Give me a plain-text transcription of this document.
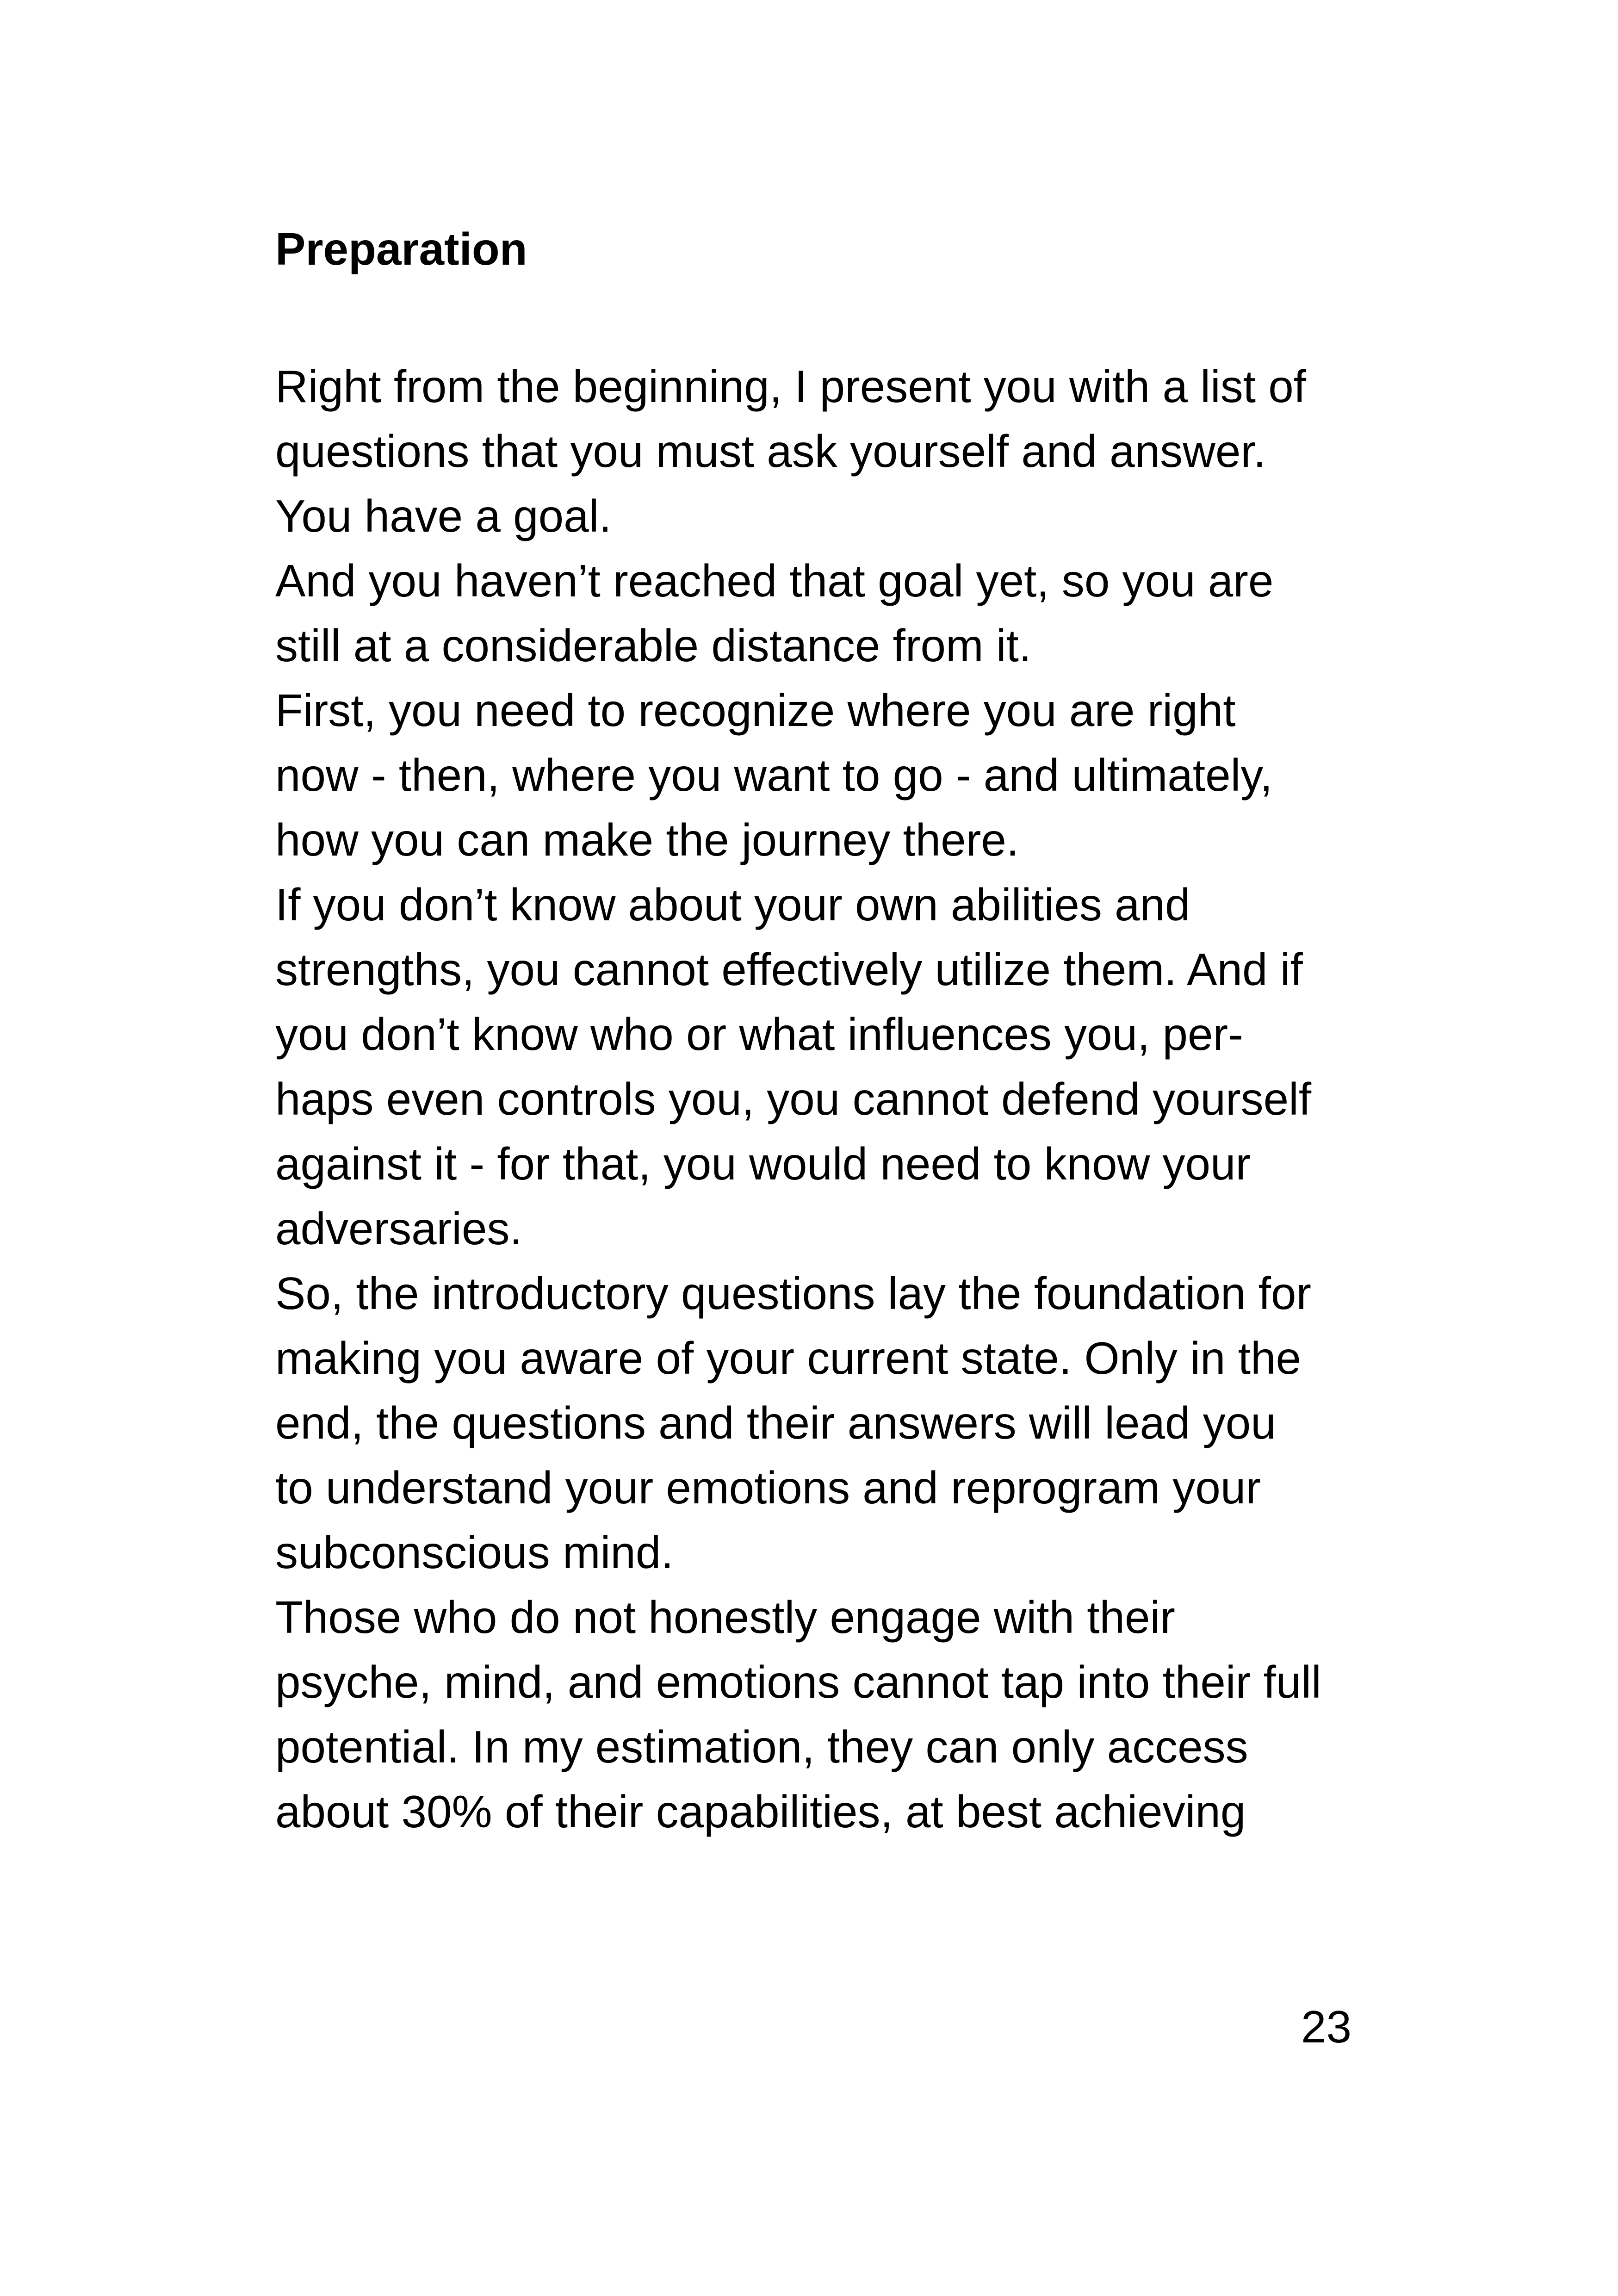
Preparation
Right from the beginning, I present you with a list of
questions that you must ask yourself and answer.
You have a goal.
And you haven’t reached that goal yet, so you are
still at a considerable distance from it.
First, you need to recognize where you are right
now - then, where you want to go - and ultimately,
how you can make the journey there.
If you don’t know about your own abilities and
strengths, you cannot effectively utilize them. And if
you don’t know who or what influences you, per-
haps even controls you, you cannot defend yourself
against it - for that, you would need to know your
adversaries.
So, the introductory questions lay the foundation for
making you aware of your current state. Only in the
end, the questions and their answers will lead you
to understand your emotions and reprogram your
subconscious mind.
Those who do not honestly engage with their
psyche, mind, and emotions cannot tap into their full
potential. In my estimation, they can only access
about 30% of their capabilities, at best achieving
23
